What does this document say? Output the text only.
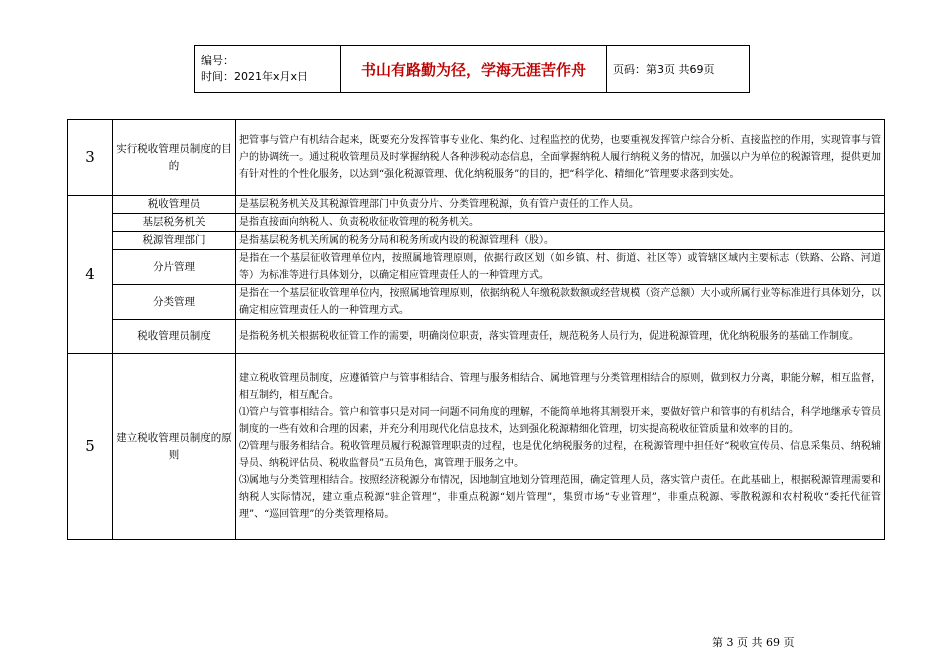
编号：
时间：2021年x月x日	书山有路勤为径，学海无涯苦作舟	页码：第3页 共69页
3	实行税收管理员制度的目的	把管事与管户有机结合起来，既要充分发挥管事专业化、集约化、过程监控的优势，也要重视发挥管户综合分析、直接监控的作用，实现管事与管户的协调统一。通过税收管理员及时掌握纳税人各种涉税动态信息，全面掌握纳税人履行纳税义务的情况，加强以户为单位的税源管理，提供更加有针对性的个性化服务，以达到“强化税源管理、优化纳税服务”的目的，把“科学化、精细化”管理要求落到实处。

4	税收管理员	是基层税务机关及其税源管理部门中负责分片、分类管理税源，负有管户责任的工作人员。

	基层税务机关	是指直接面向纳税人、负责税收征收管理的税务机关。

	税源管理部门	是指基层税务机关所属的税务分局和税务所或内设的税源管理科（股）。

	分片管理	是指在一个基层征收管理单位内，按照属地管理原则，依据行政区划（如乡镇、村、街道、社区等）或管辖区域内主要标志（铁路、公路、河道等）为标准等进行具体划分，以确定相应管理责任人的一种管理方式。

	分类管理	是指在一个基层征收管理单位内，按照属地管理原则，依据纳税人年缴税款数额或经营规模（资产总额）大小或所属行业等标准进行具体划分，以确定相应管理责任人的一种管理方式。

	税收管理员制度	是指税务机关根据税收征管工作的需要，明确岗位职责，落实管理责任，规范税务人员行为，促进税源管理，优化纳税服务的基础工作制度。

5	建立税收管理员制度的原则	建立税收管理员制度，应遵循管户与管事相结合、管理与服务相结合、属地管理与分类管理相结合的原则，做到权力分离，职能分解，相互监督，相互制约，相互配合。

⑴管户与管事相结合。管户和管事只是对同一问题不同角度的理解，不能简单地将其割裂开来，要做好管户和管事的有机结合，科学地继承专管员制度的一些有效和合理的因素，并充分利用现代化信息技术，达到强化税源精细化管理，切实提高税收征管质量和效率的目的。

⑵管理与服务相结合。税收管理员履行税源管理职责的过程，也是优化纳税服务的过程，在税源管理中担任好“税收宣传员、信息采集员、纳税辅导员、纳税评估员、税收监督员”五员角色，寓管理于服务之中。

⑶属地与分类管理相结合。按照经济税源分布情况，因地制宜地划分管理范围，确定管理人员，落实管户责任。在此基础上，根据税源管理需要和纳税人实际情况，建立重点税源“驻企管理”，非重点税源“划片管理”，集贸市场“专业管理”，非重点税源、零散税源和农村税收“委托代征管理”、“巡回管理”的分类管理格局。

第 3 页 共 69 页
